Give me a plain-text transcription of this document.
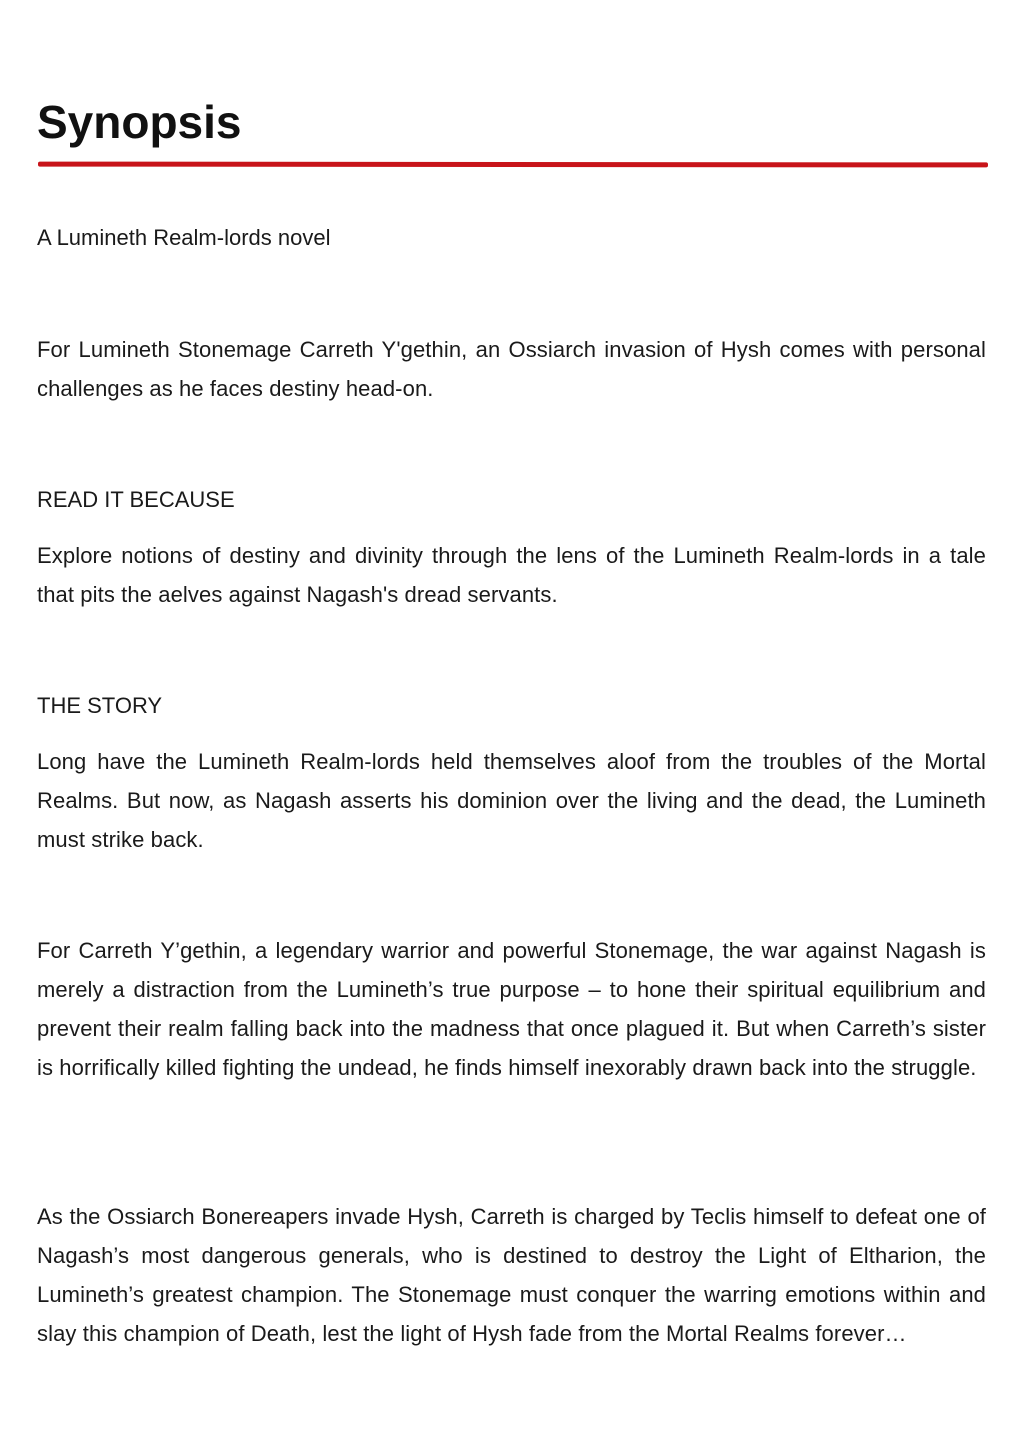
Synopsis

A Lumineth Realm-lords novel

For Lumineth Stonemage Carreth Y'gethin, an Ossiarch invasion of Hysh comes with personal challenges as he faces destiny head-on.

READ IT BECAUSE

Explore notions of destiny and divinity through the lens of the Lumineth Realm-lords in a tale that pits the aelves against Nagash's dread servants.

THE STORY

Long have the Lumineth Realm-lords held themselves aloof from the troubles of the Mortal Realms. But now, as Nagash asserts his dominion over the living and the dead, the Lumineth must strike back.

For Carreth Y’gethin, a legendary warrior and powerful Stonemage, the war against Nagash is merely a distraction from the Lumineth’s true purpose – to hone their spiritual equilibrium and prevent their realm falling back into the madness that once plagued it. But when Carreth’s sister is horrifically killed fighting the undead, he finds himself inexorably drawn back into the struggle.

As the Ossiarch Bonereapers invade Hysh, Carreth is charged by Teclis himself to defeat one of Nagash’s most dangerous generals, who is destined to destroy the Light of Eltharion, the Lumineth’s greatest champion. The Stonemage must conquer the warring emotions within and slay this champion of Death, lest the light of Hysh fade from the Mortal Realms forever…
